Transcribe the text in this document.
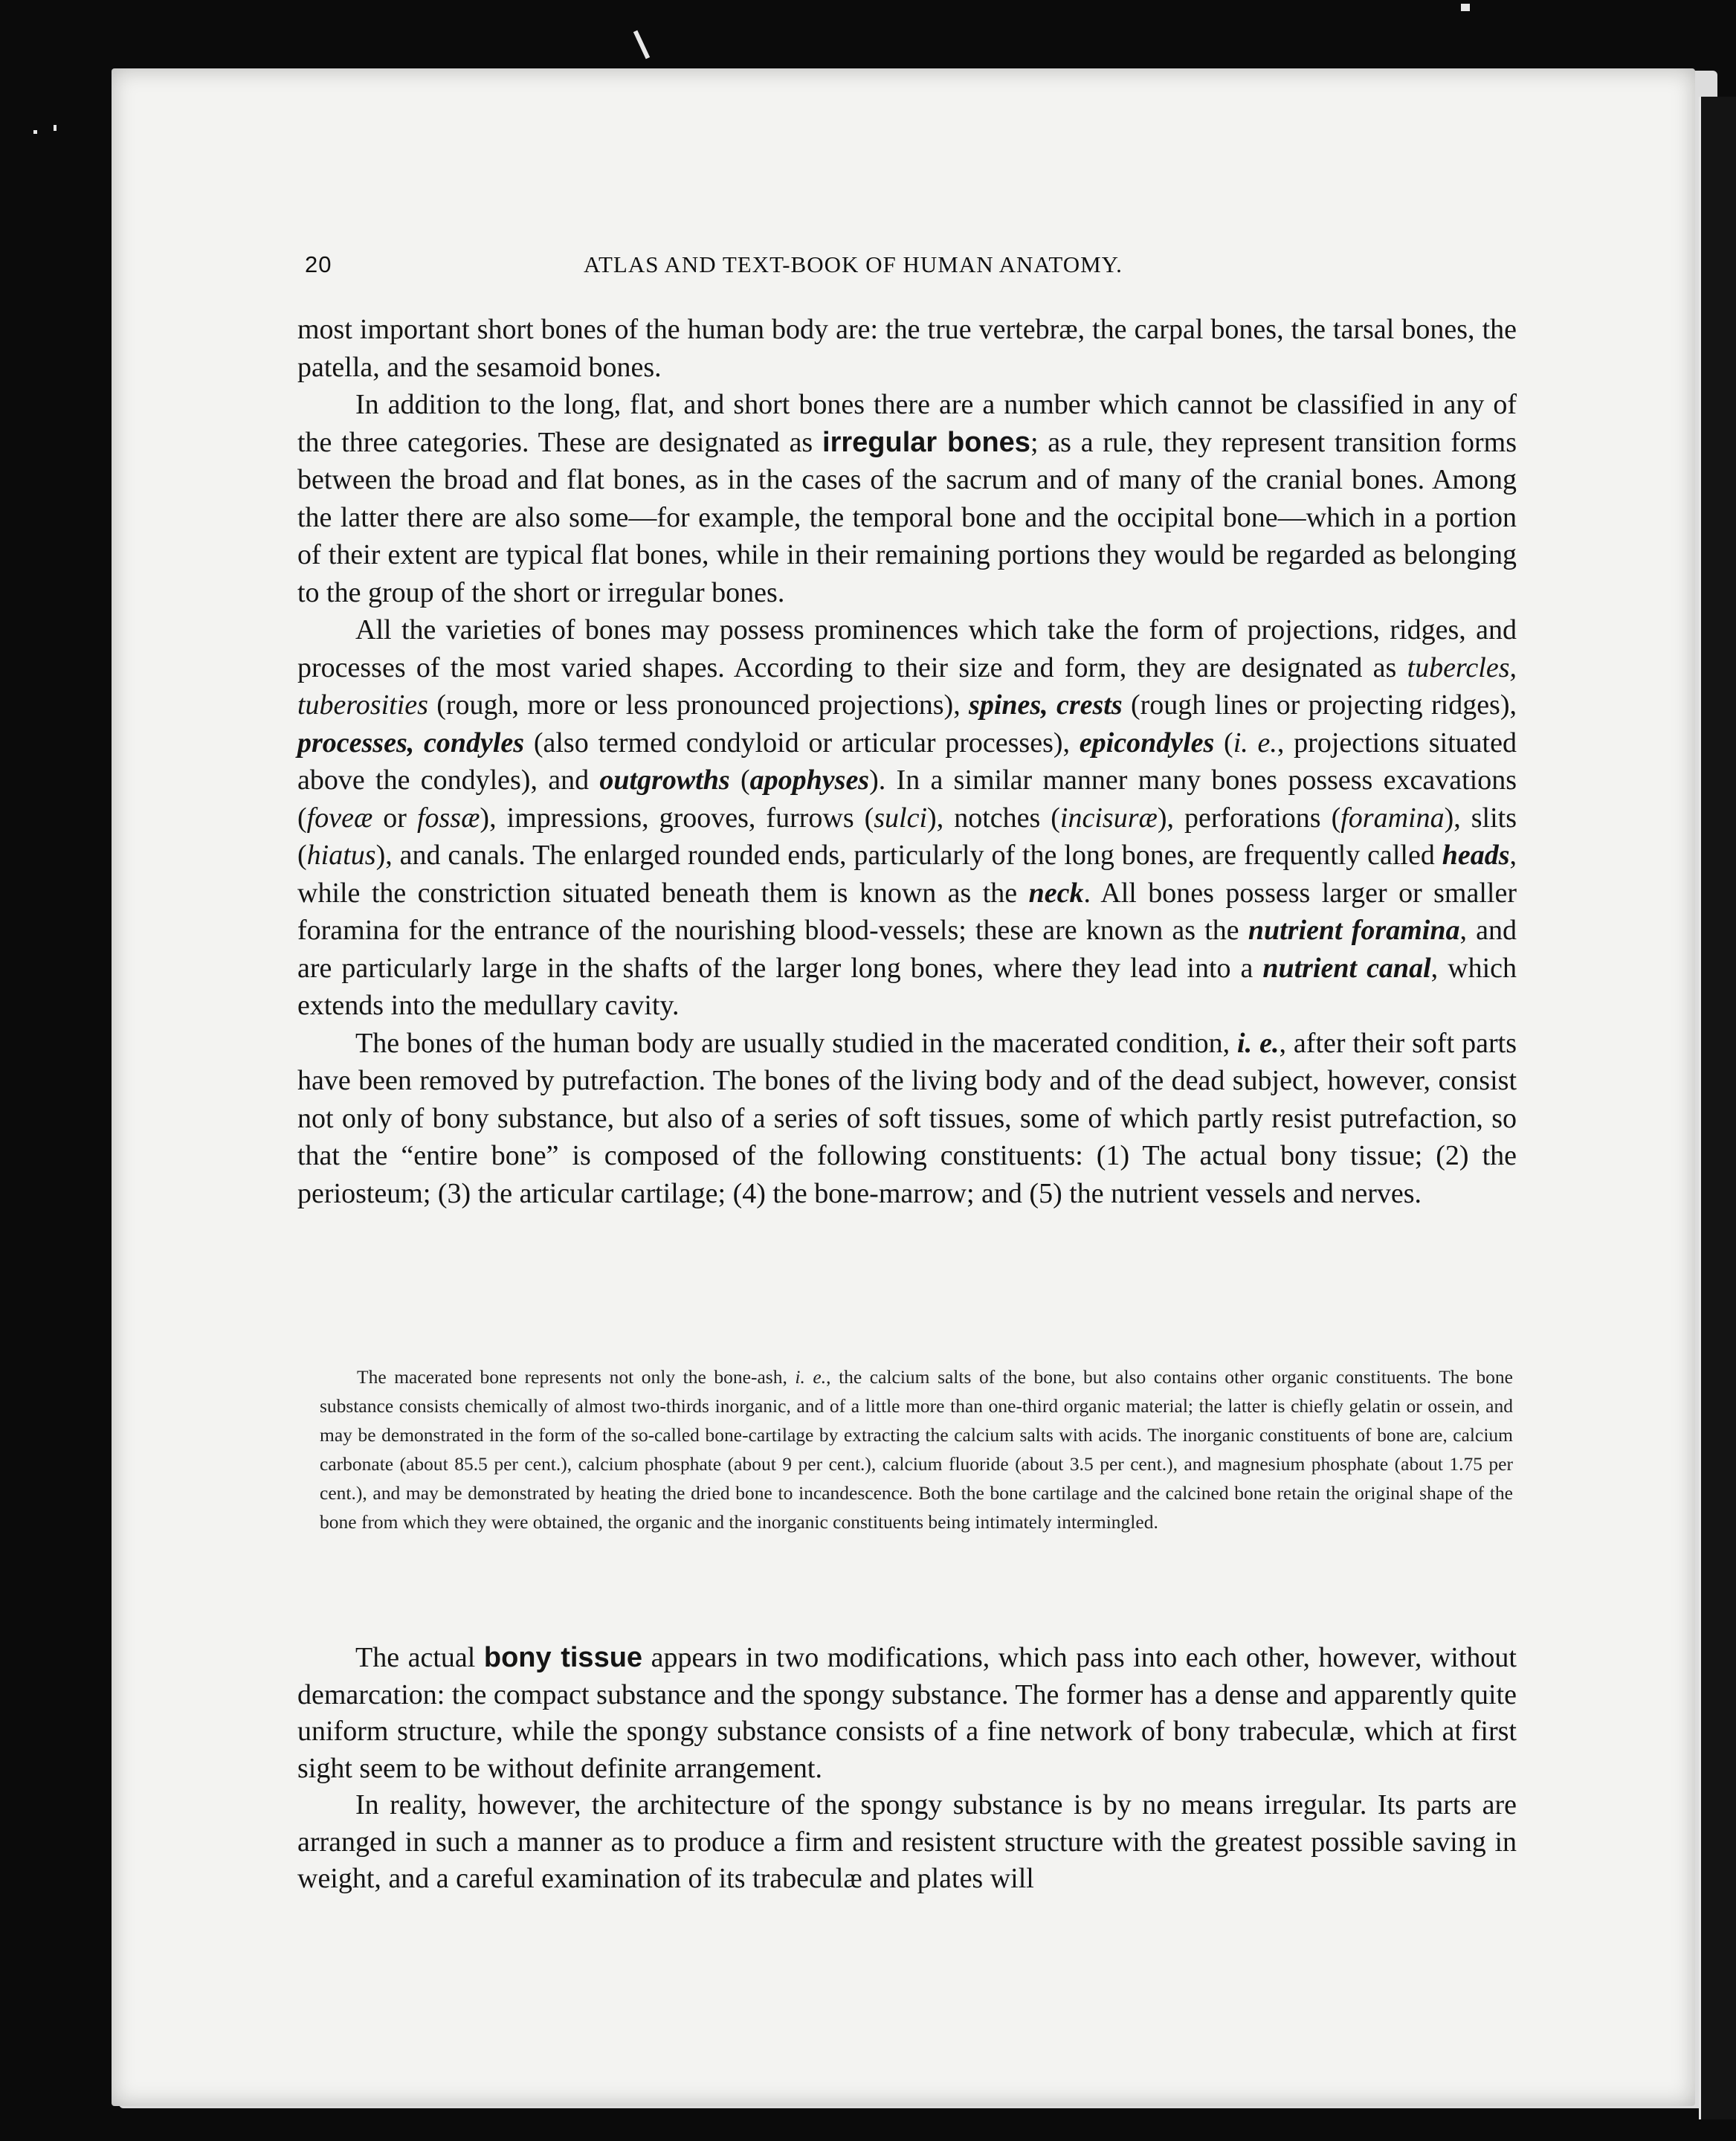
20	ATLAS AND TEXT-BOOK OF HUMAN ANATOMY.

most important short bones of the human body are: the true vertebræ, the carpal bones, the tarsal bones, the patella, and the sesamoid bones.

In addition to the long, flat, and short bones there are a number which cannot be classified in any of the three categories. These are designated as irregular bones; as a rule, they represent transition forms between the broad and flat bones, as in the cases of the sacrum and of many of the cranial bones. Among the latter there are also some—for example, the temporal bone and the occipital bone—which in a portion of their extent are typical flat bones, while in their remaining portions they would be regarded as belonging to the group of the short or irregular bones.

All the varieties of bones may possess prominences which take the form of projections, ridges, and processes of the most varied shapes. According to their size and form, they are designated as tubercles, tuberosities (rough, more or less pronounced projections), spines, crests (rough lines or projecting ridges), processes, condyles (also termed condyloid or articular processes), epicondyles (i. e., projections situated above the condyles), and outgrowths (apophyses). In a similar manner many bones possess excavations (foveæ or fossæ), impressions, grooves, furrows (sulci), notches (incisuræ), perforations (foramina), slits (hiatus), and canals. The enlarged rounded ends, particularly of the long bones, are frequently called heads, while the constriction situated beneath them is known as the neck. All bones possess larger or smaller foramina for the entrance of the nourishing blood-vessels; these are known as the nutrient foramina, and are particularly large in the shafts of the larger long bones, where they lead into a nutrient canal, which extends into the medullary cavity.

The bones of the human body are usually studied in the macerated condition, i. e., after their soft parts have been removed by putrefaction. The bones of the living body and of the dead subject, however, consist not only of bony substance, but also of a series of soft tissues, some of which partly resist putrefaction, so that the “entire bone” is composed of the following constituents: (1) The actual bony tissue; (2) the periosteum; (3) the articular cartilage; (4) the bone-marrow; and (5) the nutrient vessels and nerves.

The macerated bone represents not only the bone-ash, i. e., the calcium salts of the bone, but also contains other organic constituents. The bone substance consists chemically of almost two-thirds inorganic, and of a little more than one-third organic material; the latter is chiefly gelatin or ossein, and may be demonstrated in the form of the so-called bone-cartilage by extracting the calcium salts with acids. The inorganic constituents of bone are, calcium carbonate (about 85.5 per cent.), calcium phosphate (about 9 per cent.), calcium fluoride (about 3.5 per cent.), and magnesium phosphate (about 1.75 per cent.), and may be demonstrated by heating the dried bone to incandescence. Both the bone cartilage and the calcined bone retain the original shape of the bone from which they were obtained, the organic and the inorganic constituents being intimately intermingled.

The actual bony tissue appears in two modifications, which pass into each other, however, without demarcation: the compact substance and the spongy substance. The former has a dense and apparently quite uniform structure, while the spongy substance consists of a fine network of bony trabeculæ, which at first sight seem to be without definite arrangement.

In reality, however, the architecture of the spongy substance is by no means irregular. Its parts are arranged in such a manner as to produce a firm and resistent structure with the greatest possible saving in weight, and a careful examination of its trabeculæ and plates will
